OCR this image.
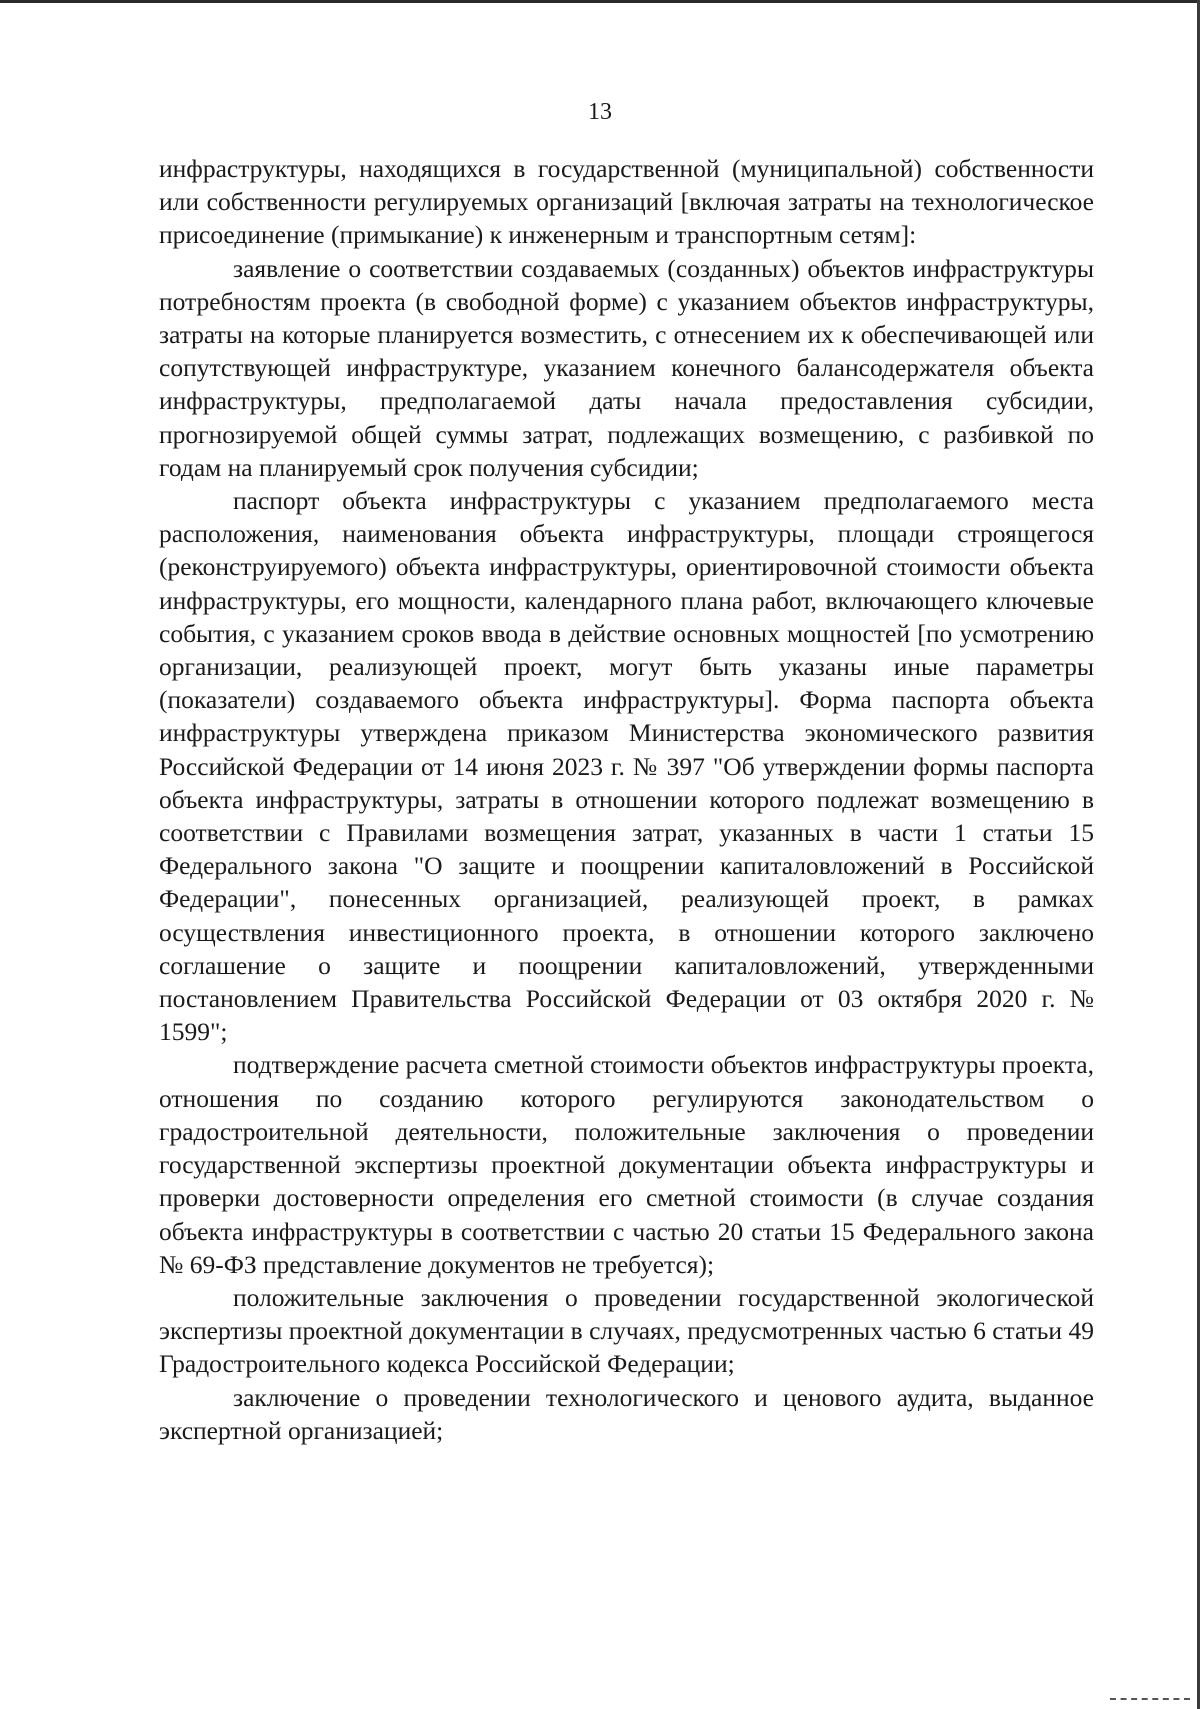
13

инфраструктуры, находящихся в государственной (муниципальной) собственности или собственности регулируемых организаций [включая затраты на технологическое присоединение (примыкание) к инженерным и транспортным сетям]:

заявление о соответствии создаваемых (созданных) объектов инфраструктуры потребностям проекта (в свободной форме) с указанием объектов инфраструктуры, затраты на которые планируется возместить, с отнесением их к обеспечивающей или сопутствующей инфраструктуре, указанием конечного балансодержателя объекта инфраструктуры, предполагаемой даты начала предоставления субсидии, прогнозируемой общей суммы затрат, подлежащих возмещению, с разбивкой по годам на планируемый срок получения субсидии;

паспорт объекта инфраструктуры с указанием предполагаемого места расположения, наименования объекта инфраструктуры, площади строящегося (реконструируемого) объекта инфраструктуры, ориентировочной стоимости объекта инфраструктуры, его мощности, календарного плана работ, включающего ключевые события, с указанием сроков ввода в действие основных мощностей [по усмотрению организации, реализующей проект, могут быть указаны иные параметры (показатели) создаваемого объекта инфраструктуры]. Форма паспорта объекта инфраструктуры утверждена приказом Министерства экономического развития Российской Федерации от 14 июня 2023 г. № 397 "Об утверждении формы паспорта объекта инфраструктуры, затраты в отношении которого подлежат возмещению в соответствии с Правилами возмещения затрат, указанных в части 1 статьи 15 Федерального закона "О защите и поощрении капиталовложений в Российской Федерации", понесенных организацией, реализующей проект, в рамках осуществления инвестиционного проекта, в отношении которого заключено соглашение о защите и поощрении капиталовложений, утвержденными постановлением Правительства Российской Федерации от 03 октября 2020 г. № 1599";

подтверждение расчета сметной стоимости объектов инфраструктуры проекта, отношения по созданию которого регулируются законодательством о градостроительной деятельности, положительные заключения о проведении государственной экспертизы проектной документации объекта инфраструктуры и проверки достоверности определения его сметной стоимости (в случае создания объекта инфраструктуры в соответствии с частью 20 статьи 15 Федерального закона № 69-ФЗ представление документов не требуется);

положительные заключения о проведении государственной экологической экспертизы проектной документации в случаях, предусмотренных частью 6 статьи 49 Градостроительного кодекса Российской Федерации;

заключение о проведении технологического и ценового аудита, выданное экспертной организацией;
